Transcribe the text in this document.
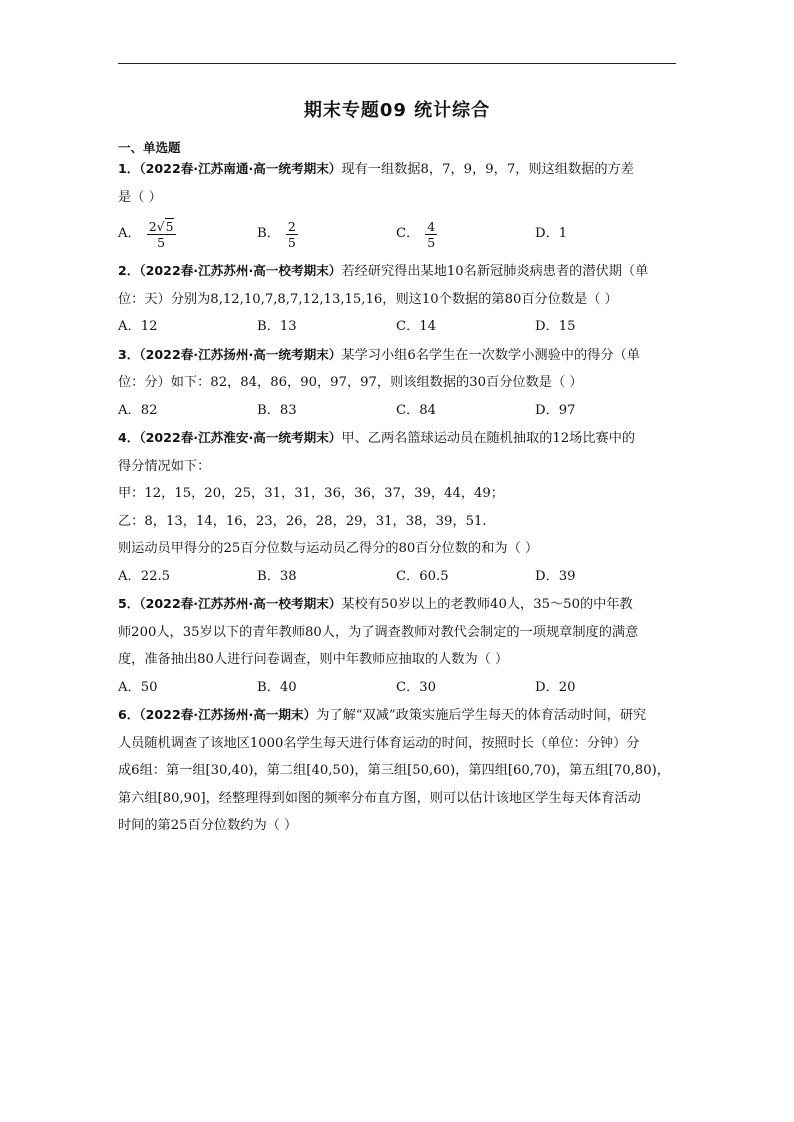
期末专题09 统计综合
一、单选题
1．（2022春·江苏南通·高一统考期末）现有一组数据8，7，9，9，7，则这组数据的方差
是（ ）
A． $\frac{2√5}{5}$	B． $\frac{2}{5}$	C． $\frac{4}{5}$	D．1
2．（2022春·江苏苏州·高一校考期末）若经研究得出某地10名新冠肺炎病患者的潜伏期（单
位：天）分别为8,12,10,7,8,7,12,13,15,16，则这10个数据的第80百分位数是（ ）
A．12	B．13	C．14	D．15
3．（2022春·江苏扬州·高一统考期末）某学习小组6名学生在一次数学小测验中的得分（单
位：分）如下：82，84，86，90，97，97，则该组数据的30百分位数是（ ）
A．82	B．83	C．84	D．97
4．（2022春·江苏淮安·高一统考期末）甲、乙两名篮球运动员在随机抽取的12场比赛中的
得分情况如下：
甲：12，15，20，25，31，31，36，36，37，39，44，49；
乙：8，13，14，16，23，26，28，29，31，38，39，51.
则运动员甲得分的25百分位数与运动员乙得分的80百分位数的和为（ ）
A．22.5	B．38	C．60.5	D．39
5．（2022春·江苏苏州·高一校考期末）某校有50岁以上的老教师40人，35～50的中年教
师200人，35岁以下的青年教师80人，为了调查教师对教代会制定的一项规章制度的满意
度，准备抽出80人进行问卷调查，则中年教师应抽取的人数为（ ）
A．50	B．40	C．30	D．20
6．（2022春·江苏扬州·高一期末）为了解“双减”政策实施后学生每天的体育活动时间，研究
人员随机调查了该地区1000名学生每天进行体育运动的时间，按照时长（单位：分钟）分
成6组：第一组[30,40)，第二组[40,50)，第三组[50,60)，第四组[60,70)，第五组[70,80)，
第六组[80,90]，经整理得到如图的频率分布直方图，则可以估计该地区学生每天体育活动
时间的第25百分位数约为（ ）
